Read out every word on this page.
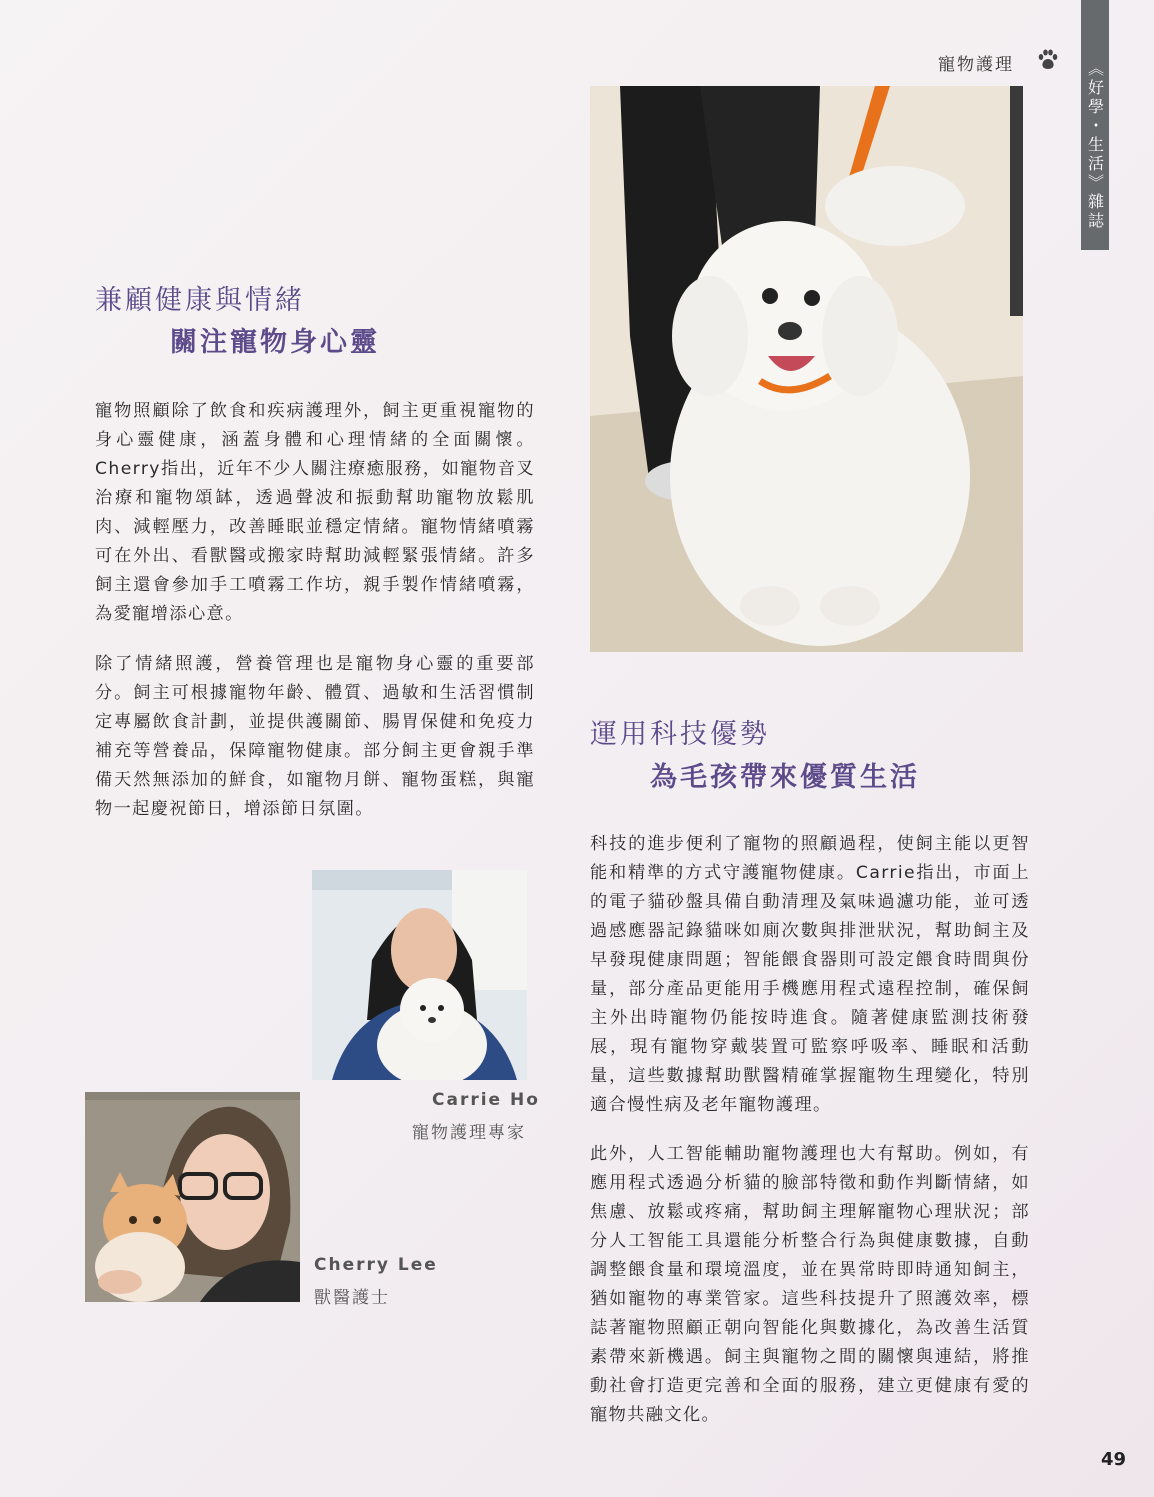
寵物護理	《好學・生活》雜誌
兼顧健康與情緒
關注寵物身心靈
寵物照顧除了飲食和疾病護理外，飼主更重視寵物的身心靈健康，涵蓋身體和心理情緒的全面關懷。Cherry指出，近年不少人關注療癒服務，如寵物音叉治療和寵物頌缽，透過聲波和振動幫助寵物放鬆肌肉、減輕壓力，改善睡眠並穩定情緒。寵物情緒噴霧可在外出、看獸醫或搬家時幫助減輕緊張情緒。許多飼主還會參加手工噴霧工作坊，親手製作情緒噴霧，為愛寵增添心意。
除了情緒照護，營養管理也是寵物身心靈的重要部分。飼主可根據寵物年齡、體質、過敏和生活習慣制定專屬飲食計劃，並提供護關節、腸胃保健和免疫力補充等營養品，保障寵物健康。部分飼主更會親手準備天然無添加的鮮食，如寵物月餅、寵物蛋糕，與寵物一起慶祝節日，增添節日氛圍。
運用科技優勢
為毛孩帶來優質生活
科技的進步便利了寵物的照顧過程，使飼主能以更智能和精準的方式守護寵物健康。Carrie指出，市面上的電子貓砂盤具備自動清理及氣味過濾功能，並可透過感應器記錄貓咪如廁次數與排泄狀況，幫助飼主及早發現健康問題；智能餵食器則可設定餵食時間與份量，部分產品更能用手機應用程式遠程控制，確保飼主外出時寵物仍能按時進食。隨著健康監測技術發展，現有寵物穿戴裝置可監察呼吸率、睡眠和活動量，這些數據幫助獸醫精確掌握寵物生理變化，特別適合慢性病及老年寵物護理。
此外，人工智能輔助寵物護理也大有幫助。例如，有應用程式透過分析貓的臉部特徵和動作判斷情緒，如焦慮、放鬆或疼痛，幫助飼主理解寵物心理狀況；部分人工智能工具還能分析整合行為與健康數據，自動調整餵食量和環境溫度，並在異常時即時通知飼主，猶如寵物的專業管家。這些科技提升了照護效率，標誌著寵物照顧正朝向智能化與數據化，為改善生活質素帶來新機遇。飼主與寵物之間的關懷與連結，將推動社會打造更完善和全面的服務，建立更健康有愛的寵物共融文化。
Carrie Ho
寵物護理專家
Cherry Lee
獸醫護士
49
